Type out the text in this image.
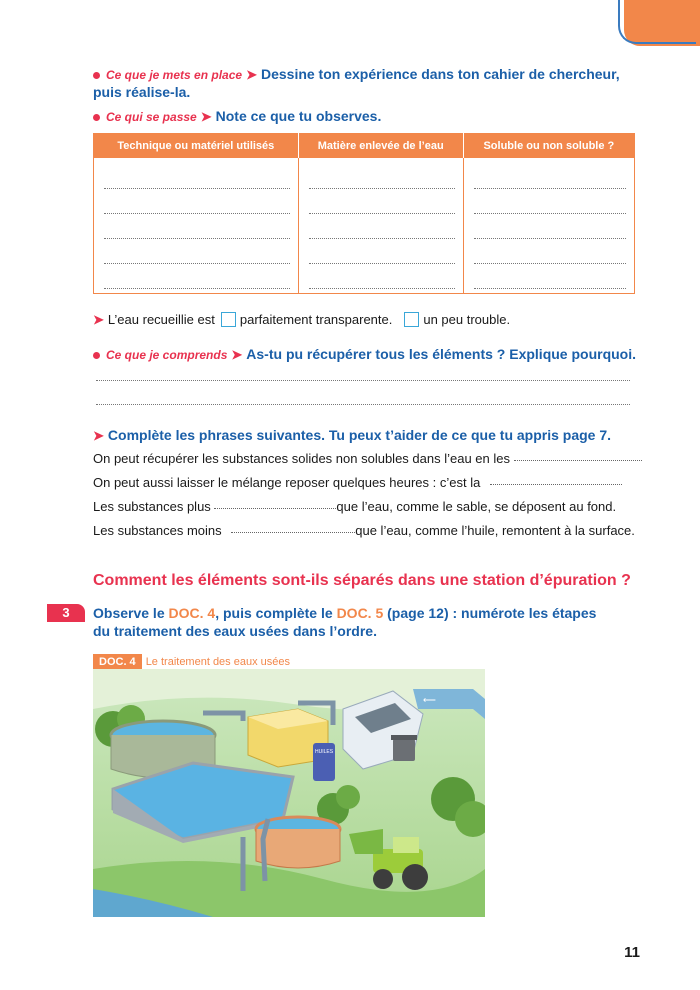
Ce que je mets en place ➤ Dessine ton expérience dans ton cahier de chercheur,
puis réalise-la.
Ce qui se passe ➤ Note ce que tu observes.
Technique ou matériel utilisés	Matière enlevée de l’eau	Soluble ou non soluble ?

➤ L’eau recueillie est parfaitement transparente. un peu trouble.
Ce que je comprends ➤ As-tu pu récupérer tous les éléments ? Explique pourquoi.
➤ Complète les phrases suivantes. Tu peux t’aider de ce que tu appris page 7.
On peut récupérer les substances solides non solubles dans l’eau en les
On peut aussi laisser le mélange reposer quelques heures : c’est la
Les substances plus	que l’eau, comme le sable, se déposent au fond.
Les substances moins	que l’eau, comme l’huile, remontent à la surface.
Comment les éléments sont-ils séparés dans une station d’épuration ?
3	Observe le DOC. 4, puis complète le DOC. 5 (page 12) : numérote les étapes
du traitement des eaux usées dans l’ordre.
DOC. 4 Le traitement des eaux usées
⟵
HUILES
11
